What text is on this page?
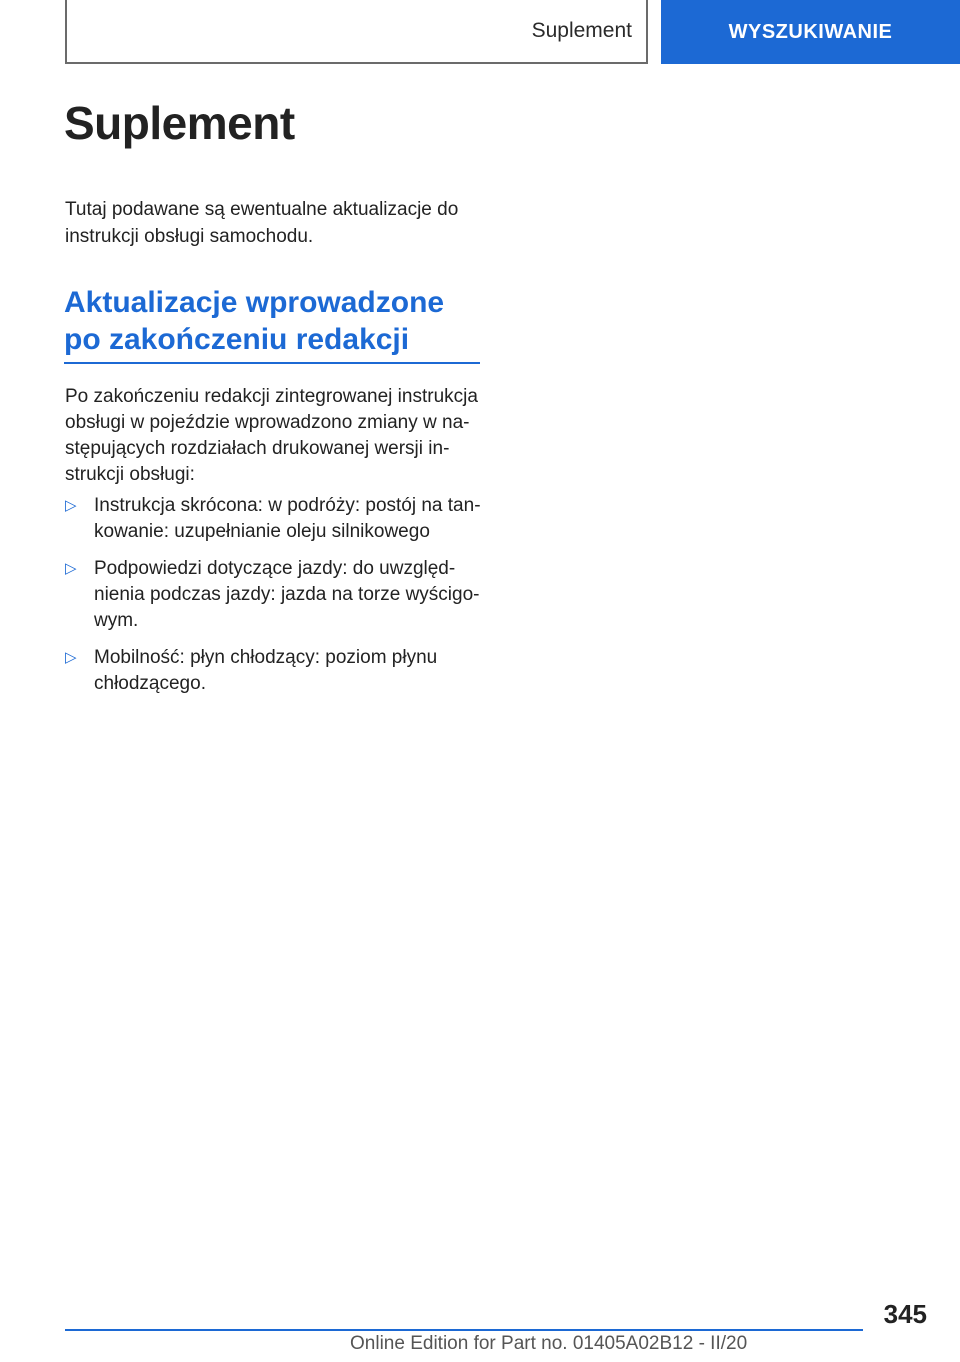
Suplement	WYSZUKIWANIE
Suplement

Tutaj podawane są ewentualne aktualizacje do instrukcji obsługi samochodu.

Aktualizacje wprowadzone po zakończeniu redakcji

Po zakończeniu redakcji zintegrowanej instrukcja obsługi w pojeździe wprowadzono zmiany w następujących rozdziałach drukowanej wersji instrukcji obsługi:

▷ Instrukcja skrócona: w podróży: postój na tankowanie: uzupełnianie oleju silnikowego
▷ Podpowiedzi dotyczące jazdy: do uwzględnienia podczas jazdy: jazda na torze wyścigowym.
▷ Mobilność: płyn chłodzący: poziom płynu chłodzącego.
345
Online Edition for Part no. 01405A02B12 - II/20
